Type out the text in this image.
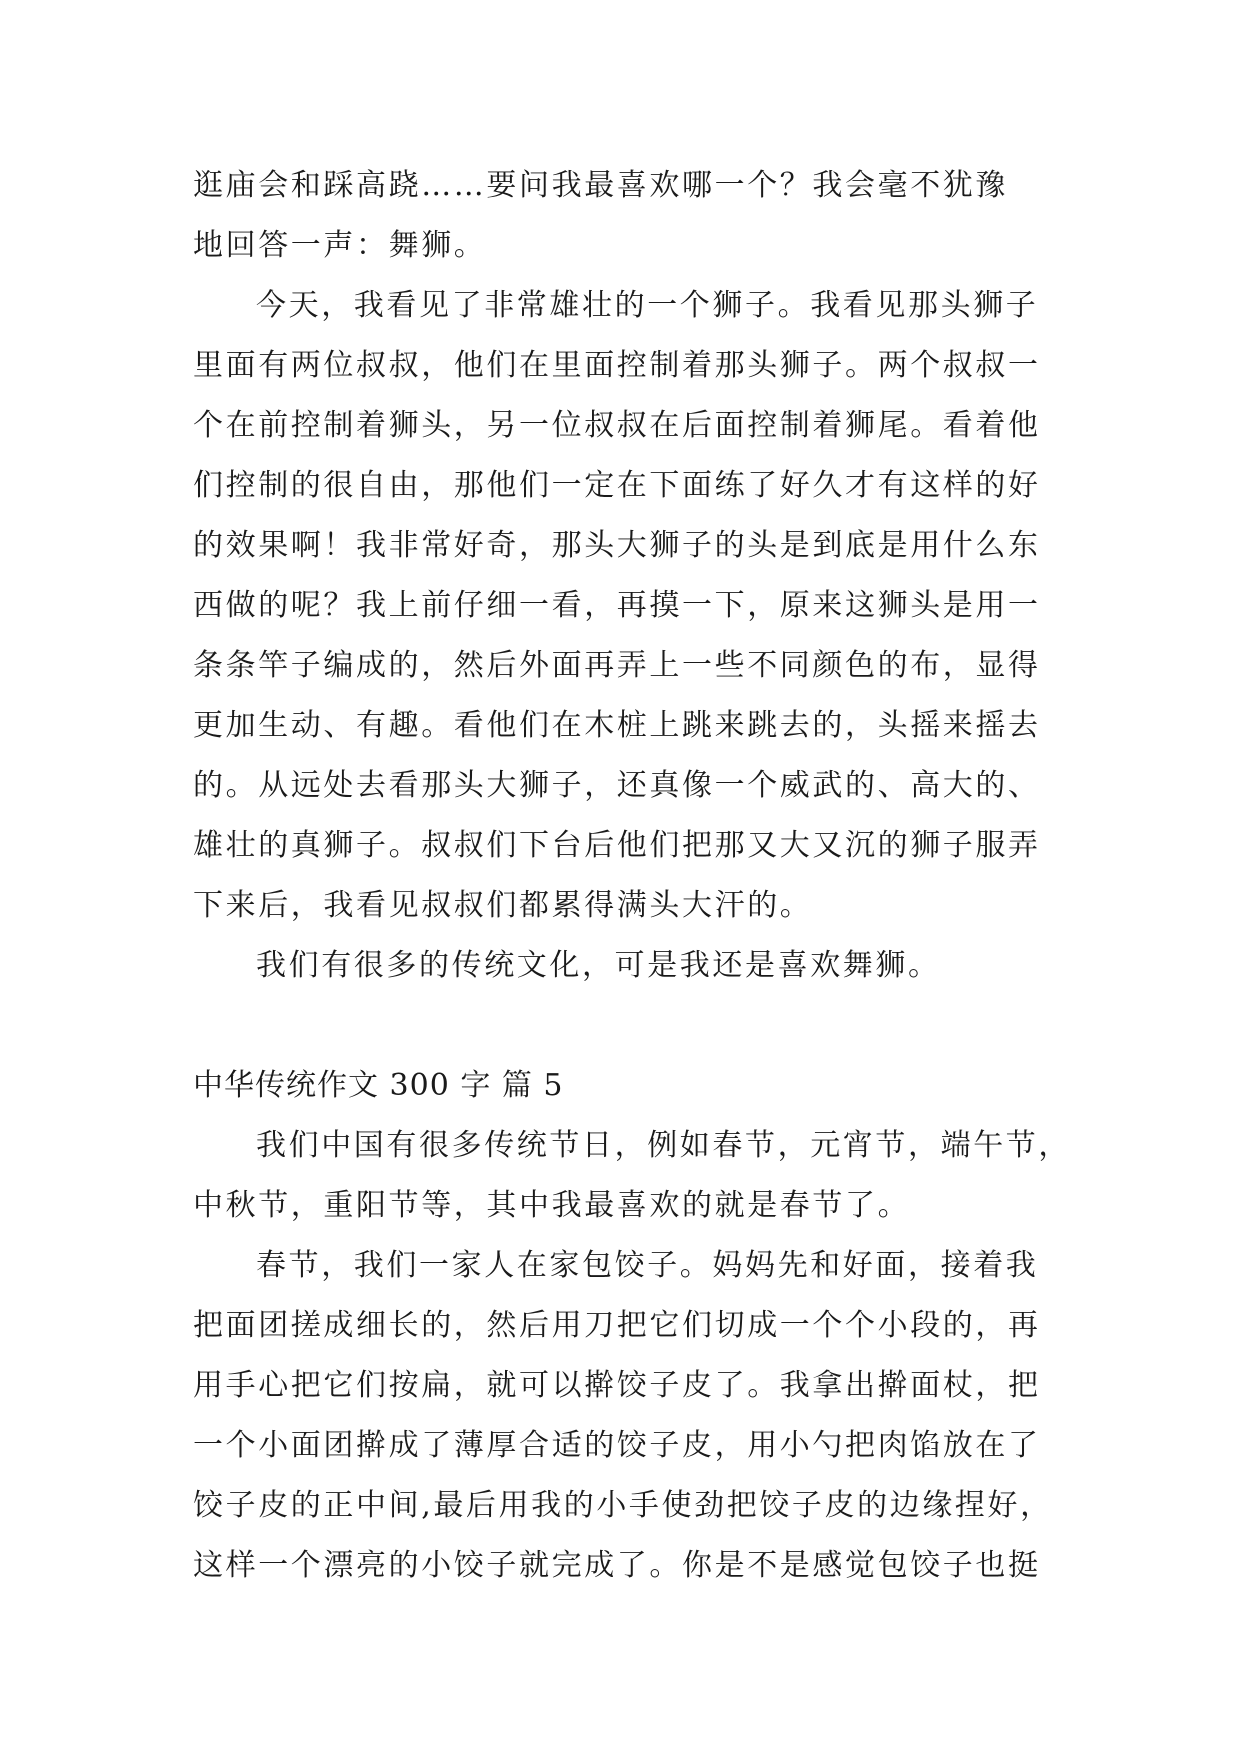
逛庙会和踩高跷……要问我最喜欢哪一个？我会毫不犹豫
地回答一声：舞狮。
今天，我看见了非常雄壮的一个狮子。我看见那头狮子
里面有两位叔叔，他们在里面控制着那头狮子。两个叔叔一
个在前控制着狮头，另一位叔叔在后面控制着狮尾。看着他
们控制的很自由，那他们一定在下面练了好久才有这样的好
的效果啊！我非常好奇，那头大狮子的头是到底是用什么东
西做的呢？我上前仔细一看，再摸一下，原来这狮头是用一
条条竿子编成的，然后外面再弄上一些不同颜色的布，显得
更加生动、有趣。看他们在木桩上跳来跳去的，头摇来摇去
的。从远处去看那头大狮子，还真像一个威武的、高大的、
雄壮的真狮子。叔叔们下台后他们把那又大又沉的狮子服弄
下来后，我看见叔叔们都累得满头大汗的。
我们有很多的传统文化，可是我还是喜欢舞狮。
中华传统作文 300 字 篇 5
我们中国有很多传统节日，例如春节，元宵节，端午节，
中秋节，重阳节等，其中我最喜欢的就是春节了。
春节，我们一家人在家包饺子。妈妈先和好面，接着我
把面团搓成细长的，然后用刀把它们切成一个个小段的，再
用手心把它们按扁，就可以擀饺子皮了。我拿出擀面杖，把
一个小面团擀成了薄厚合适的饺子皮，用小勺把肉馅放在了
饺子皮的正中间,最后用我的小手使劲把饺子皮的边缘捏好，
这样一个漂亮的小饺子就完成了。你是不是感觉包饺子也挺
